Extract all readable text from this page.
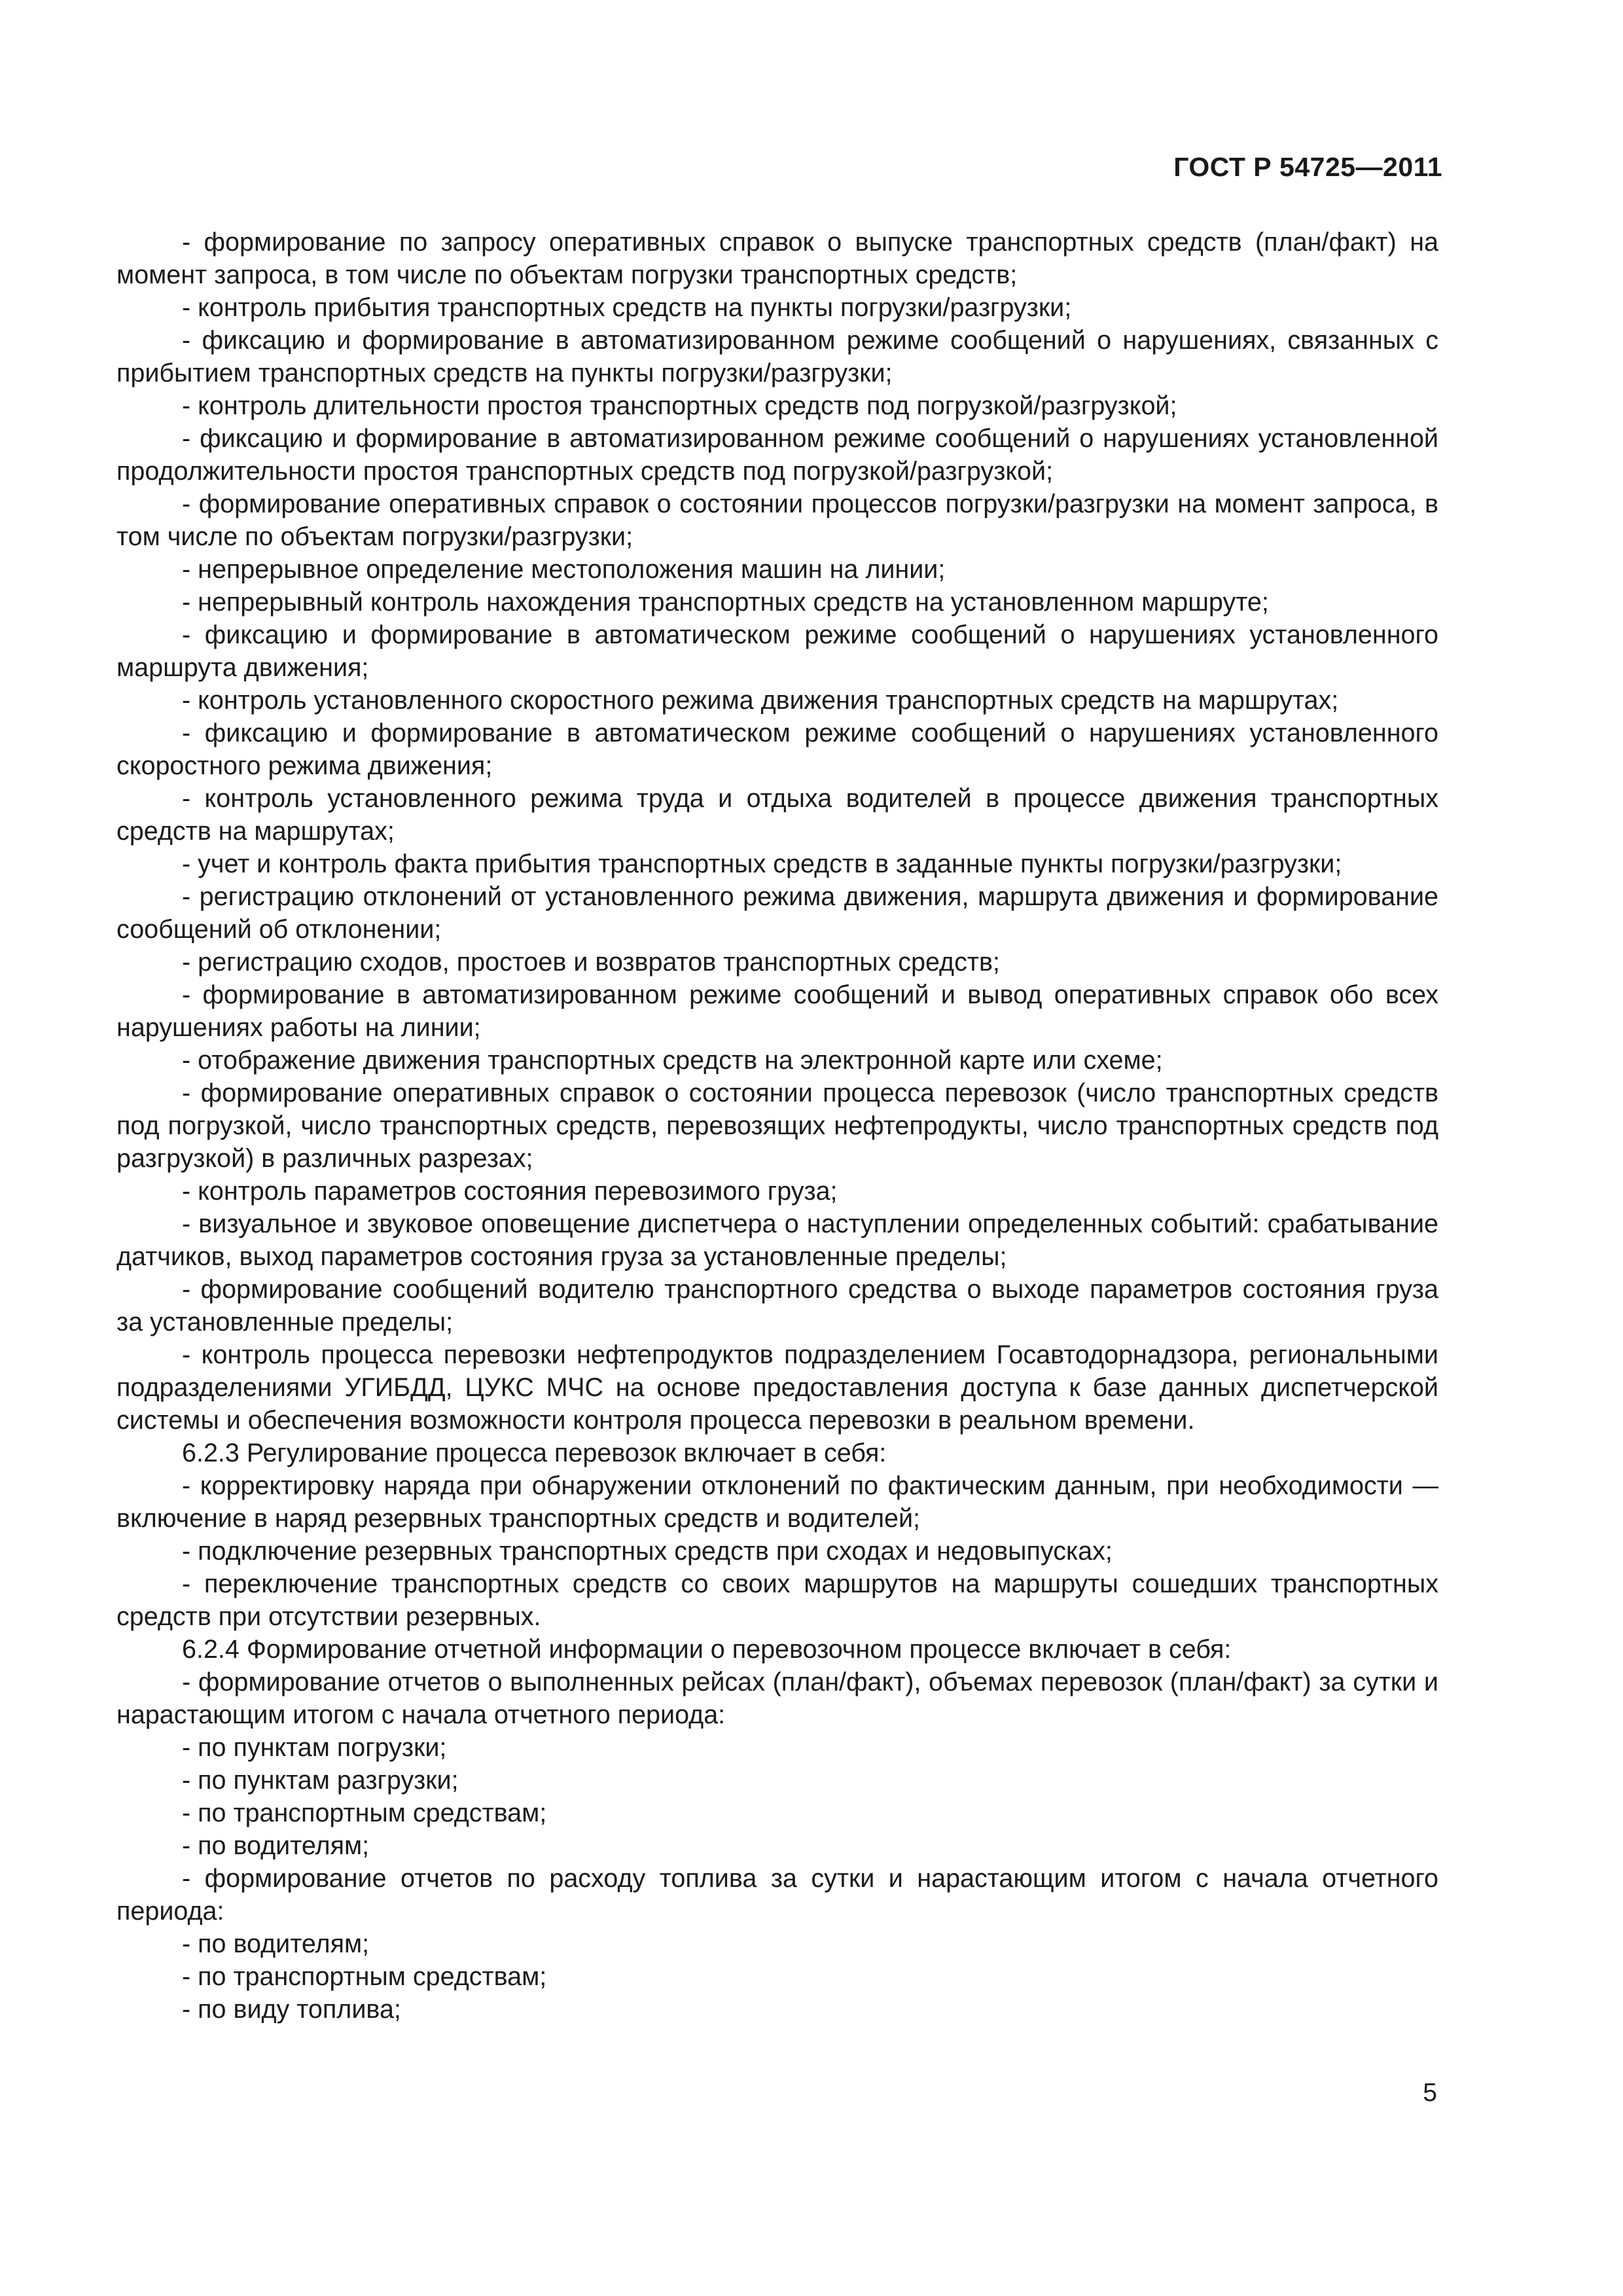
ГОСТ Р 54725—2011

- формирование по запросу оперативных справок о выпуске транспортных средств (план/факт) на момент запроса, в том числе по объектам погрузки транспортных средств;

- контроль прибытия транспортных средств на пункты погрузки/разгрузки;

- фиксацию и формирование в автоматизированном режиме сообщений о нарушениях, связанных с прибытием транспортных средств на пункты погрузки/разгрузки;

- контроль длительности простоя транспортных средств под погрузкой/разгрузкой;

- фиксацию и формирование в автоматизированном режиме сообщений о нарушениях установленной продолжительности простоя транспортных средств под погрузкой/разгрузкой;

- формирование оперативных справок о состоянии процессов погрузки/разгрузки на момент запроса, в том числе по объектам погрузки/разгрузки;

- непрерывное определение местоположения машин на линии;

- непрерывный контроль нахождения транспортных средств на установленном маршруте;

- фиксацию и формирование в автоматическом режиме сообщений о нарушениях установленного маршрута движения;

- контроль установленного скоростного режима движения транспортных средств на маршрутах;

- фиксацию и формирование в автоматическом режиме сообщений о нарушениях установленного скоростного режима движения;

- контроль установленного режима труда и отдыха водителей в процессе движения транспортных средств на маршрутах;

- учет и контроль факта прибытия транспортных средств в заданные пункты погрузки/разгрузки;

- регистрацию отклонений от установленного режима движения, маршрута движения и формирование сообщений об отклонении;

- регистрацию сходов, простоев и возвратов транспортных средств;

- формирование в автоматизированном режиме сообщений и вывод оперативных справок обо всех нарушениях работы на линии;

- отображение движения транспортных средств на электронной карте или схеме;

- формирование оперативных справок о состоянии процесса перевозок (число транспортных средств под погрузкой, число транспортных средств, перевозящих нефтепродукты, число транспортных средств под разгрузкой) в различных разрезах;

- контроль параметров состояния перевозимого груза;

- визуальное и звуковое оповещение диспетчера о наступлении определенных событий: срабатывание датчиков, выход параметров состояния груза за установленные пределы;

- формирование сообщений водителю транспортного средства о выходе параметров состояния груза за установленные пределы;

- контроль процесса перевозки нефтепродуктов подразделением Госавтодорнадзора, региональными подразделениями УГИБДД, ЦУКС МЧС на основе предоставления доступа к базе данных диспетчерской системы и обеспечения возможности контроля процесса перевозки в реальном времени.

6.2.3 Регулирование процесса перевозок включает в себя:

- корректировку наряда при обнаружении отклонений по фактическим данным, при необходимости — включение в наряд резервных транспортных средств и водителей;

- подключение резервных транспортных средств при сходах и недовыпусках;

- переключение транспортных средств со своих маршрутов на маршруты сошедших транспортных средств при отсутствии резервных.

6.2.4 Формирование отчетной информации о перевозочном процессе включает в себя:

- формирование отчетов о выполненных рейсах (план/факт), объемах перевозок (план/факт) за сутки и нарастающим итогом с начала отчетного периода:

- по пунктам погрузки;

- по пунктам разгрузки;

- по транспортным средствам;

- по водителям;

- формирование отчетов по расходу топлива за сутки и нарастающим итогом с начала отчетного периода:

- по водителям;

- по транспортным средствам;

- по виду топлива;

5
